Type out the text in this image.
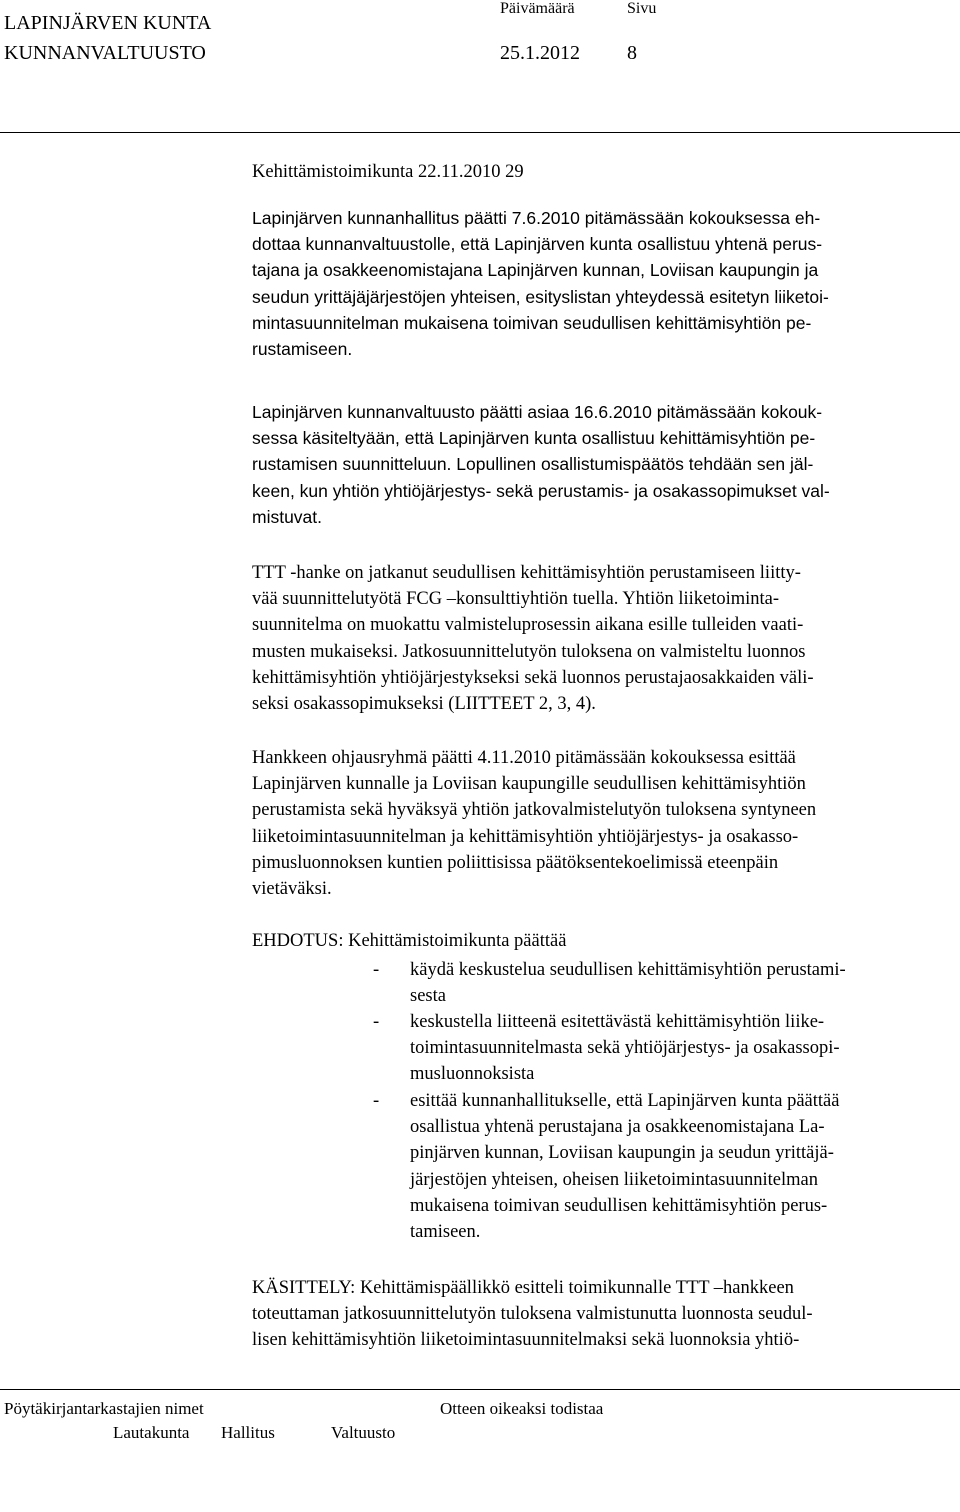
LAPINJÄRVEN KUNTA
KUNNANVALTUUSTO
Päivämäärä	Sivu
25.1.2012 8
Kehittämistoimikunta 22.11.2010 29
Lapinjärven kunnanhallitus päätti 7.6.2010 pitämässään kokouksessa eh-
dottaa kunnanvaltuustolle, että Lapinjärven kunta osallistuu yhtenä perus-
tajana ja osakkeenomistajana Lapinjärven kunnan, Loviisan kaupungin ja
seudun yrittäjäjärjestöjen yhteisen, esityslistan yhteydessä esitetyn liiketoi-
mintasuunnitelman mukaisena toimivan seudullisen kehittämisyhtiön pe-
rustamiseen.
Lapinjärven kunnanvaltuusto päätti asiaa 16.6.2010 pitämässään kokouk-
sessa käsiteltyään, että Lapinjärven kunta osallistuu kehittämisyhtiön pe-
rustamisen suunnitteluun. Lopullinen osallistumispäätös tehdään sen jäl-
keen, kun yhtiön yhtiöjärjestys- sekä perustamis- ja osakassopimukset val-
mistuvat.
TTT -hanke on jatkanut seudullisen kehittämisyhtiön perustamiseen liitty-
vää suunnittelutyötä FCG –konsulttiyhtiön tuella. Yhtiön liiketoiminta-
suunnitelma on muokattu valmisteluprosessin aikana esille tulleiden vaati-
musten mukaiseksi. Jatkosuunnittelutyön tuloksena on valmisteltu luonnos
kehittämisyhtiön yhtiöjärjestykseksi sekä luonnos perustajaosakkaiden väli-
seksi osakassopimukseksi (LIITTEET 2, 3, 4).
Hankkeen ohjausryhmä päätti 4.11.2010 pitämässään kokouksessa esittää
Lapinjärven kunnalle ja Loviisan kaupungille seudullisen kehittämisyhtiön
perustamista sekä hyväksyä yhtiön jatkovalmistelutyön tuloksena syntyneen
liiketoimintasuunnitelman ja kehittämisyhtiön yhtiöjärjestys- ja osakasso-
pimusluonnoksen kuntien poliittisissa päätöksentekoelimissä eteenpäin
vietäväksi.
EHDOTUS: Kehittämistoimikunta päättää
- käydä keskustelua seudullisen kehittämisyhtiön perustami-
sesta
- keskustella liitteenä esitettävästä kehittämisyhtiön liike-
toimintasuunnitelmasta sekä yhtiöjärjestys- ja osakassopi-
musluonnoksista
- esittää kunnanhallitukselle, että Lapinjärven kunta päättää
osallistua yhtenä perustajana ja osakkeenomistajana La-
pinjärven kunnan, Loviisan kaupungin ja seudun yrittäjä-
järjestöjen yhteisen, oheisen liiketoimintasuunnitelman
mukaisena toimivan seudullisen kehittämisyhtiön perus-
tamiseen.
KÄSITTELY: Kehittämispäällikkö esitteli toimikunnalle TTT –hankkeen
toteuttaman jatkosuunnittelutyön tuloksena valmistunutta luonnosta seudul-
lisen kehittämisyhtiön liiketoimintasuunnitelmaksi sekä luonnoksia yhtiö-
Pöytäkirjantarkastajien nimet	Otteen oikeaksi todistaa
Lautakunta Hallitus	Valtuusto
